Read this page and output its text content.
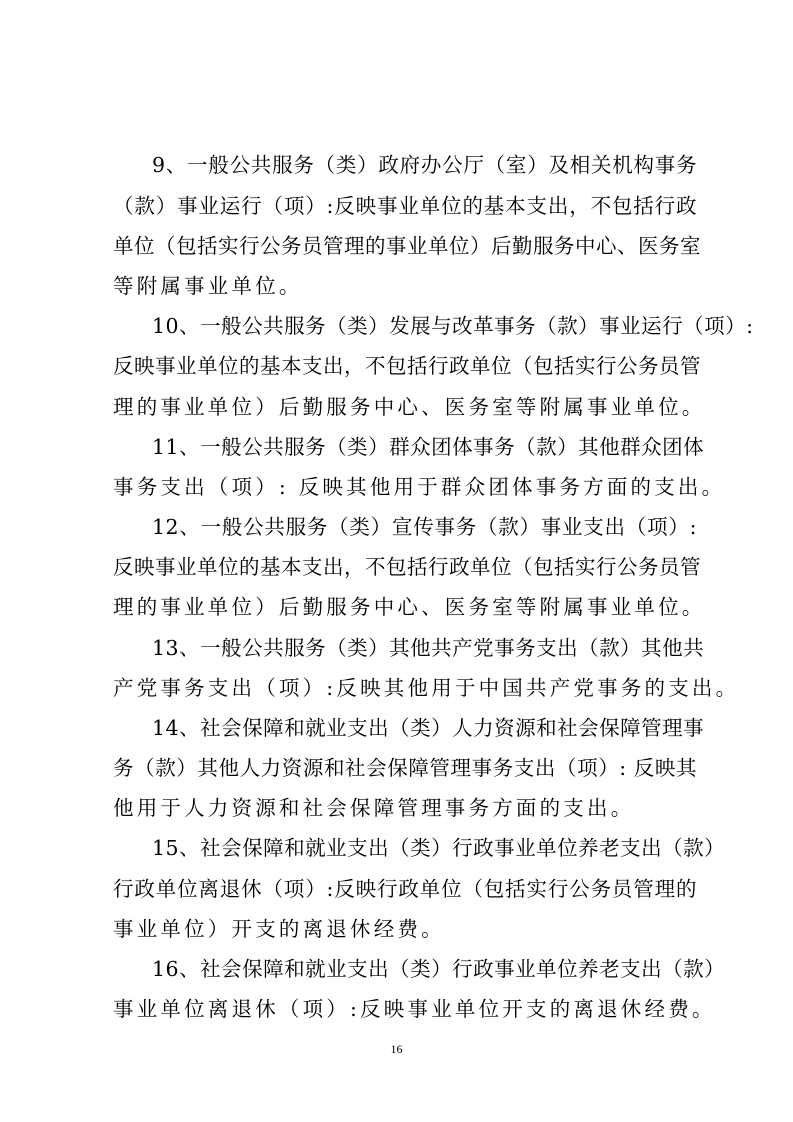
9、一般公共服务（类）政府办公厅（室）及相关机构事务
（款）事业运行（项）:反映事业单位的基本支出，不包括行政
单位（包括实行公务员管理的事业单位）后勤服务中心、医务室
等附属事业单位。
10、一般公共服务（类）发展与改革事务（款）事业运行（项）:
反映事业单位的基本支出，不包括行政单位（包括实行公务员管
理的事业单位）后勤服务中心、医务室等附属事业单位。
11、一般公共服务（类）群众团体事务（款）其他群众团体
事务支出（项）: 反映其他用于群众团体事务方面的支出。
12、一般公共服务（类）宣传事务（款）事业支出（项）:
反映事业单位的基本支出，不包括行政单位（包括实行公务员管
理的事业单位）后勤服务中心、医务室等附属事业单位。
13、一般公共服务（类）其他共产党事务支出（款）其他共
产党事务支出（项）:反映其他用于中国共产党事务的支出。
14、社会保障和就业支出（类）人力资源和社会保障管理事
务（款）其他人力资源和社会保障管理事务支出（项）: 反映其
他用于人力资源和社会保障管理事务方面的支出。
15、社会保障和就业支出（类）行政事业单位养老支出（款）
行政单位离退休（项）:反映行政单位（包括实行公务员管理的
事业单位）开支的离退休经费。
16、社会保障和就业支出（类）行政事业单位养老支出（款）
事业单位离退休（项）:反映事业单位开支的离退休经费。
16
